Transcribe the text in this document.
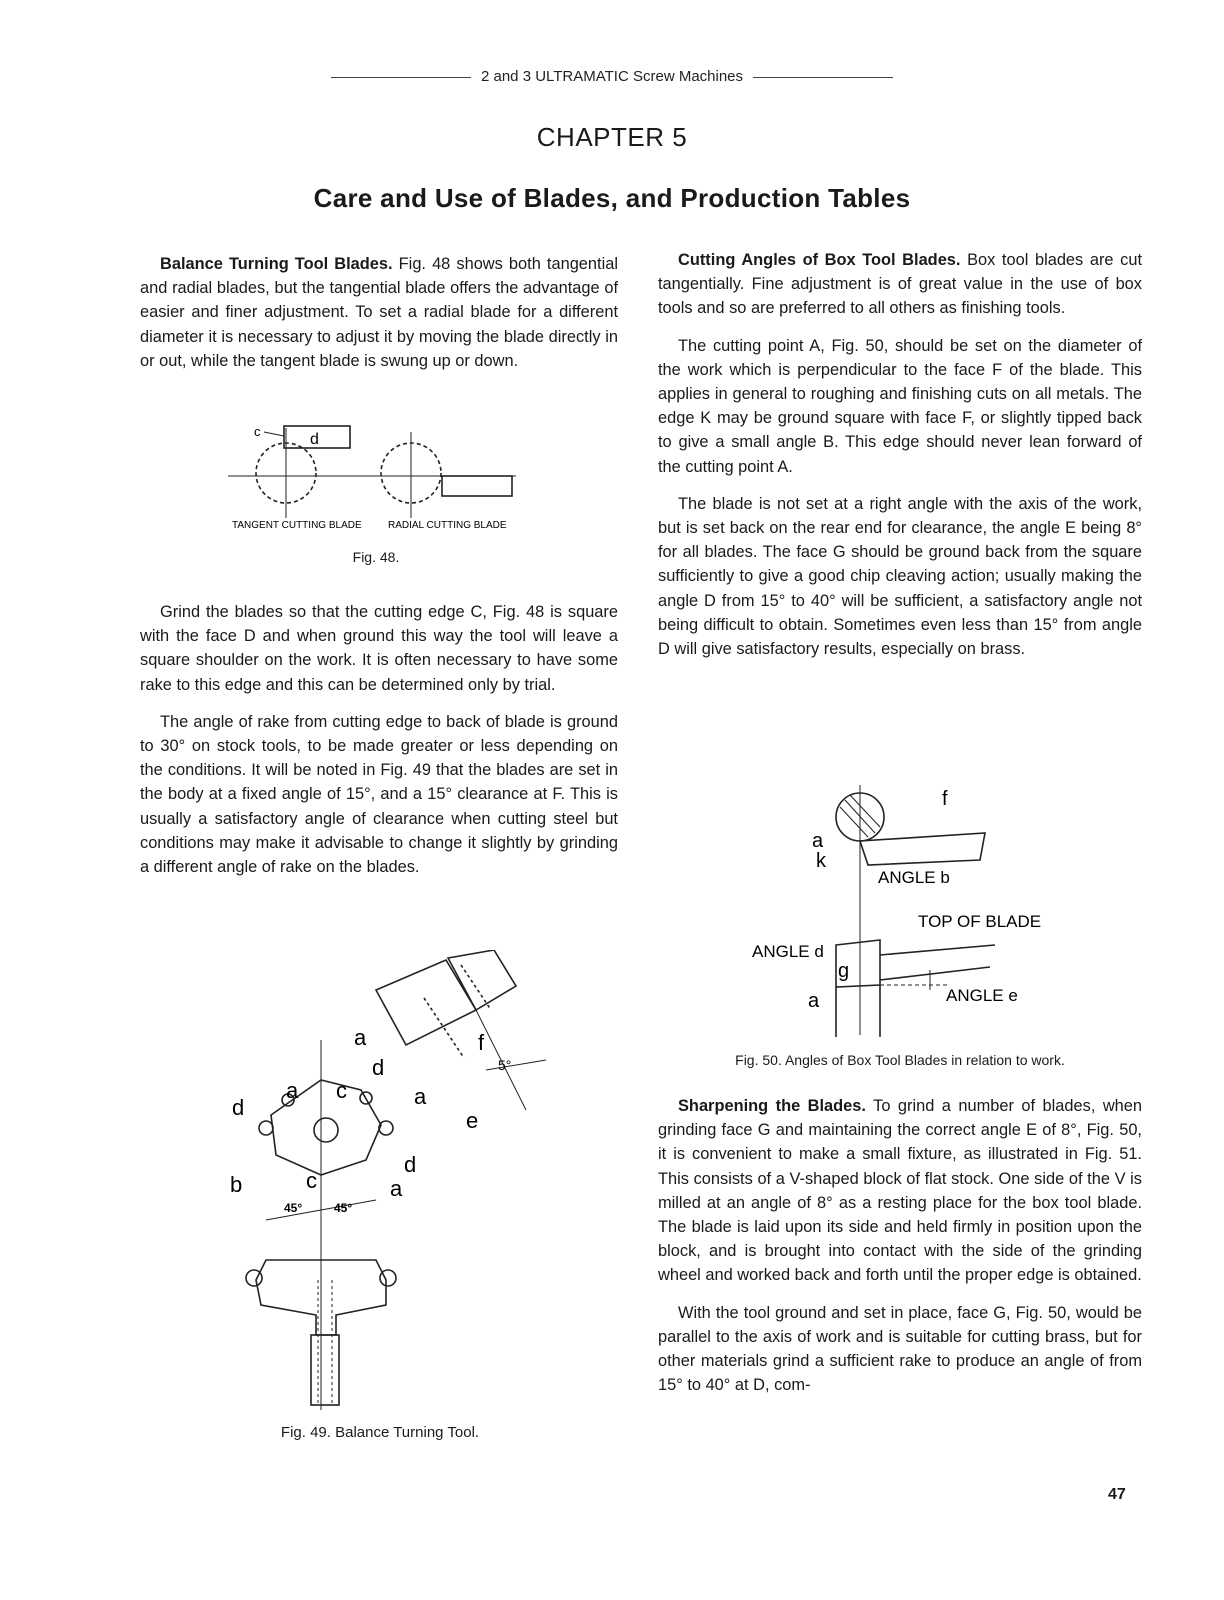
2 and 3 ULTRAMATIC Screw Machines
CHAPTER 5
Care and Use of Blades, and Production Tables

Balance Turning Tool Blades. Fig. 48 shows both tangential and radial blades, but the tangential blade offers the advantage of easier and finer adjustment. To set a radial blade for a different diameter it is necessary to adjust it by moving the blade directly in or out, while the tangent blade is swung up or down.

Grind the blades so that the cutting edge C, Fig. 48 is square with the face D and when ground this way the tool will leave a square shoulder on the work. It is often necessary to have some rake to this edge and this can be determined only by trial.

The angle of rake from cutting edge to back of blade is ground to 30° on stock tools, to be made greater or less depending on the conditions. It will be noted in Fig. 49 that the blades are set in the body at a fixed angle of 15°, and a 15° clearance at F. This is usually a satisfactory angle of clearance when cutting steel but conditions may make it advisable to change it slightly by grinding a different angle of rake on the blades.

c	d
TANGENT CUTTING BLADE	RADIAL CUTTING BLADE
Fig. 48.
a	f
d
a
e
5°
d
a c
b	c
d
a
45°	45°
Fig. 49. Balance Turning Tool.

Cutting Angles of Box Tool Blades. Box tool blades are cut tangentially. Fine adjustment is of great value in the use of box tools and so are preferred to all others as finishing tools.

The cutting point A, Fig. 50, should be set on the diameter of the work which is perpendicular to the face F of the blade. This applies in general to roughing and finishing cuts on all metals. The edge K may be ground square with face F, or slightly tipped back to give a small angle B. This edge should never lean forward of the cutting point A.

The blade is not set at a right angle with the axis of the work, but is set back on the rear end for clearance, the angle E being 8° for all blades. The face G should be ground back from the square sufficiently to give a good chip cleaving action; usually making the angle D from 15° to 40° will be sufficient, a satisfactory angle not being difficult to obtain. Sometimes even less than 15° from angle D will give satisfactory results, especially on brass.

f
a
k
g
a
ANGLE b
TOP OF BLADE
ANGLE d
ANGLE e
Fig. 50. Angles of Box Tool Blades in relation to work.

Sharpening the Blades. To grind a number of blades, when grinding face G and maintaining the correct angle E of 8°, Fig. 50, it is convenient to make a small fixture, as illustrated in Fig. 51. This consists of a V-shaped block of flat stock. One side of the V is milled at an angle of 8° as a resting place for the box tool blade. The blade is laid upon its side and held firmly in position upon the block, and is brought into contact with the side of the grinding wheel and worked back and forth until the proper edge is obtained.

With the tool ground and set in place, face G, Fig. 50, would be parallel to the axis of work and is suitable for cutting brass, but for other materials grind a sufficient rake to produce an angle of from 15° to 40° at D, com-

47
